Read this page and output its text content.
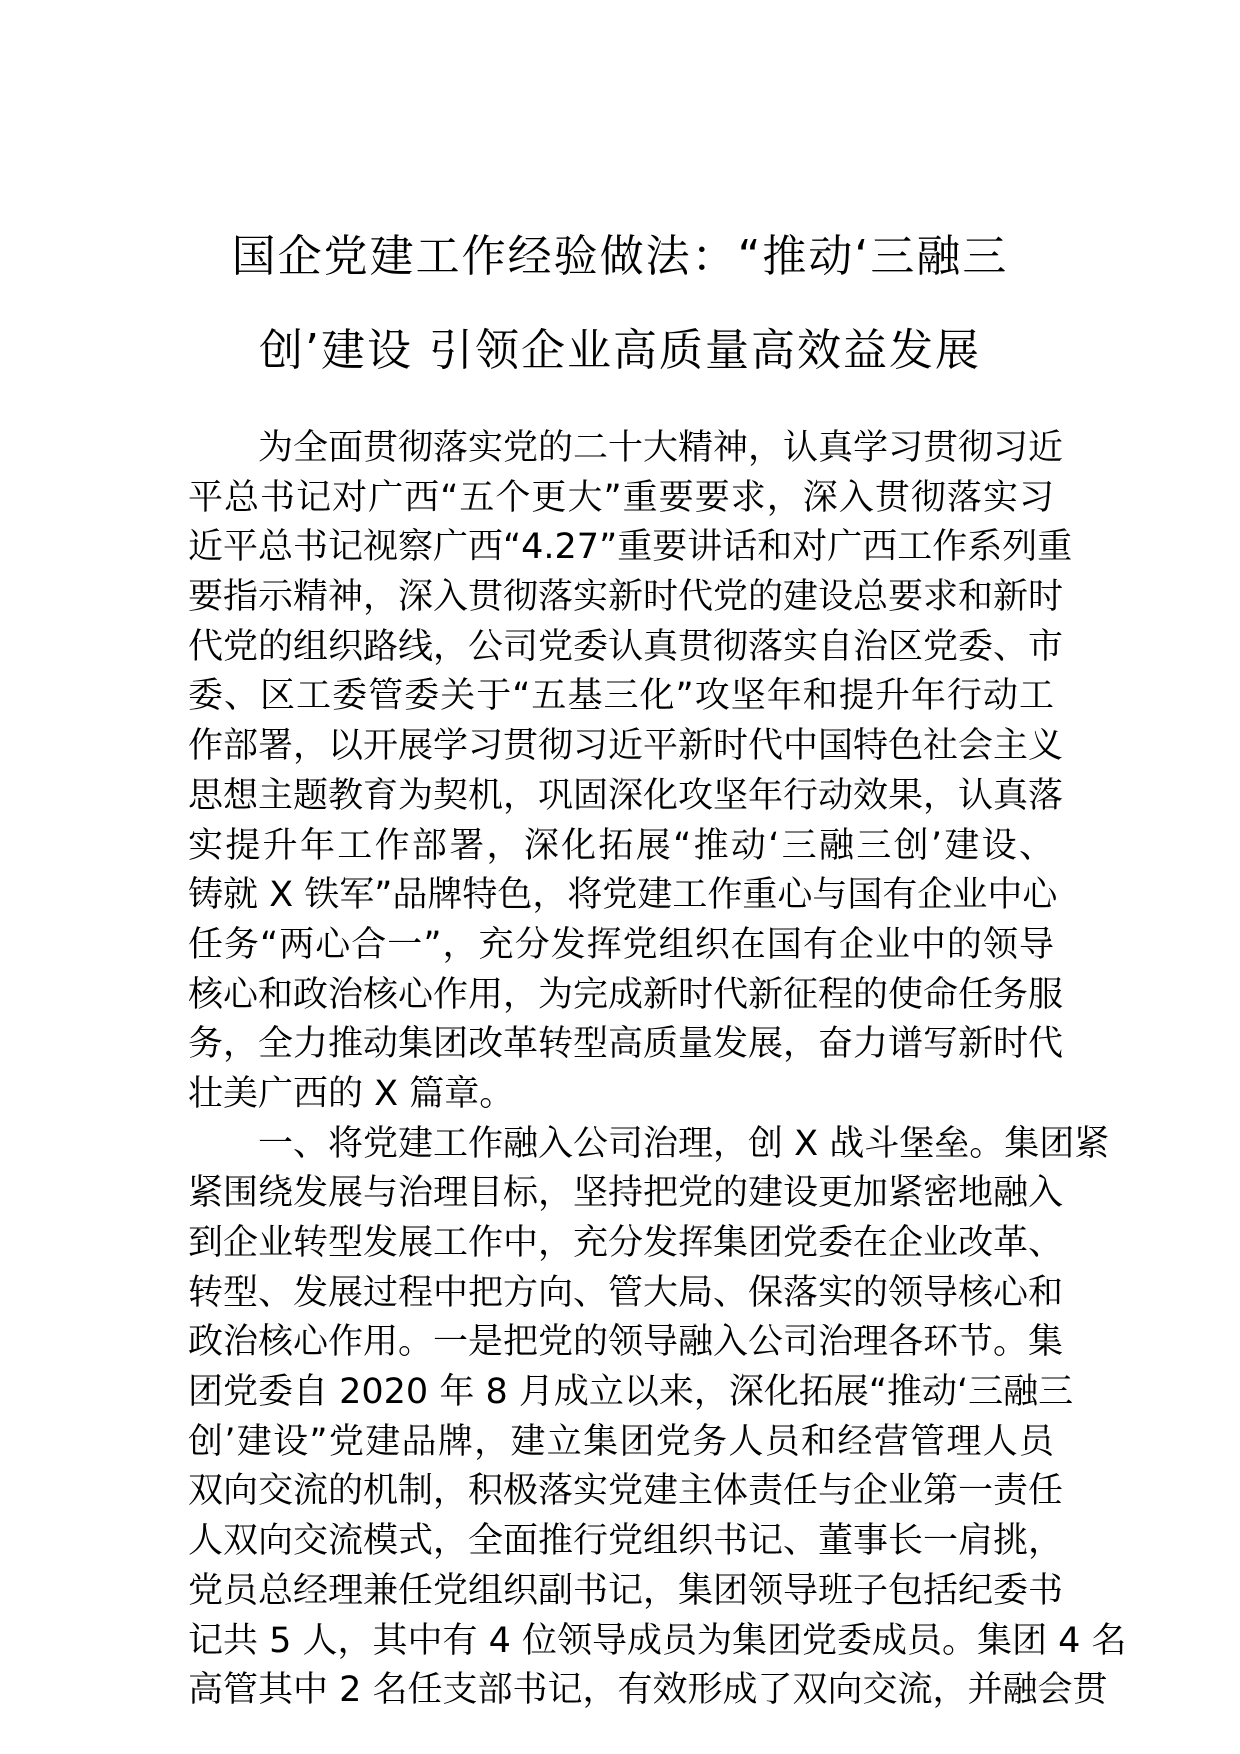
国企党建工作经验做法：“推动‘三融三
创’建设 引领企业高质量高效益发展
为全面贯彻落实党的二十大精神，认真学习贯彻习近
平总书记对广西“五个更大”重要要求，深入贯彻落实习
近平总书记视察广西“4.27”重要讲话和对广西工作系列重
要指示精神，深入贯彻落实新时代党的建设总要求和新时
代党的组织路线，公司党委认真贯彻落实自治区党委、市
委、区工委管委关于“五基三化”攻坚年和提升年行动工
作部署，以开展学习贯彻习近平新时代中国特色社会主义
思想主题教育为契机，巩固深化攻坚年行动效果，认真落
实提升年工作部署，深化拓展“推动‘三融三创’建设、
铸就 X 铁军”品牌特色，将党建工作重心与国有企业中心
任务“两心合一”，充分发挥党组织在国有企业中的领导
核心和政治核心作用，为完成新时代新征程的使命任务服
务，全力推动集团改革转型高质量发展，奋力谱写新时代
壮美广西的 X 篇章。
一、将党建工作融入公司治理，创 X 战斗堡垒。集团紧
紧围绕发展与治理目标，坚持把党的建设更加紧密地融入
到企业转型发展工作中，充分发挥集团党委在企业改革、
转型、发展过程中把方向、管大局、保落实的领导核心和
政治核心作用。一是把党的领导融入公司治理各环节。集
团党委自 2020 年 8 月成立以来，深化拓展“推动‘三融三
创’建设”党建品牌，建立集团党务人员和经营管理人员
双向交流的机制，积极落实党建主体责任与企业第一责任
人双向交流模式，全面推行党组织书记、董事长一肩挑，
党员总经理兼任党组织副书记，集团领导班子包括纪委书
记共 5 人，其中有 4 位领导成员为集团党委成员。集团 4 名
高管其中 2 名任支部书记，有效形成了双向交流，并融会贯
